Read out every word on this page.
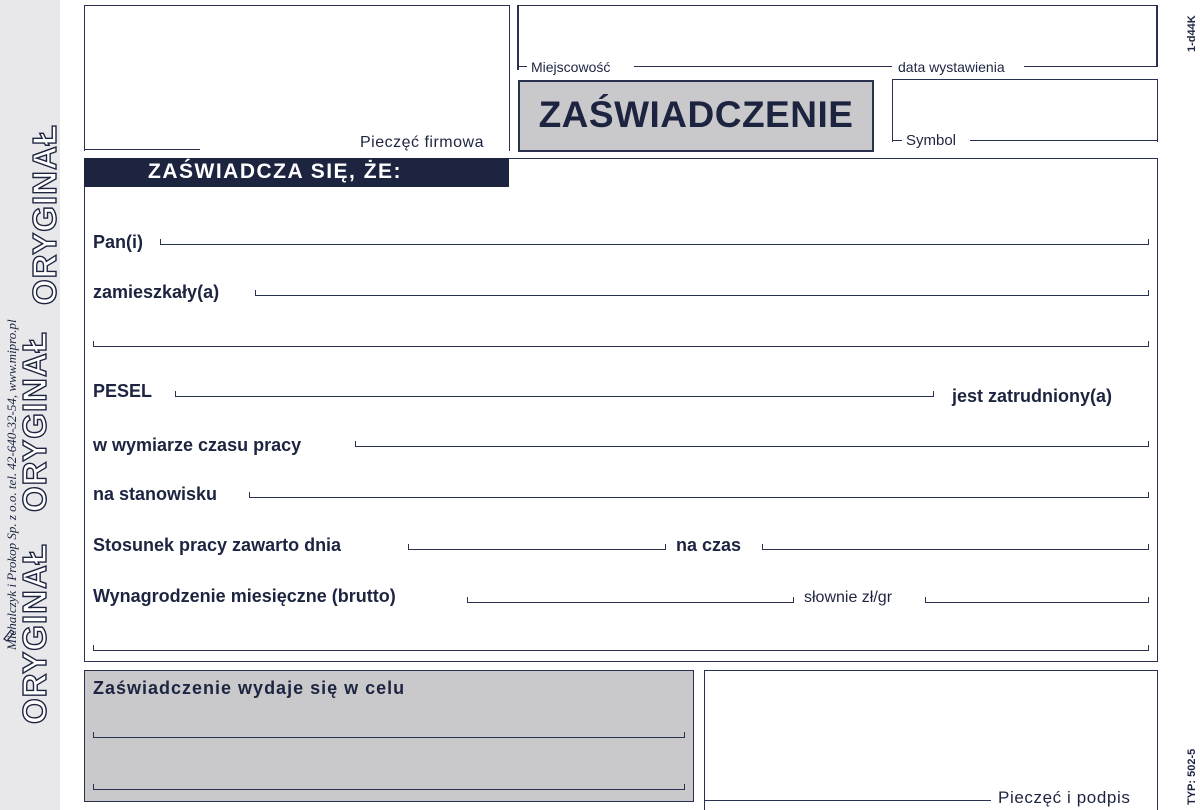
ORYGINAŁ
ORYGINAŁ
ORYGINAŁ
Michalczyk i Prokop Sp. z o.o. tel. 42-640-32-54, www.mipro.pl
1-d44K
TYP: 502-5
Pieczęć firmowa
Miejscowość	data wystawienia
ZAŚWIADCZENIE
Symbol
ZAŚWIADCZA SIĘ, ŻE:
Pan(i)
zamieszkały(a)
PESEL	jest zatrudniony(a)
w wymiarze czasu pracy
na stanowisku
Stosunek pracy zawarto dnia	na czas
Wynagrodzenie miesięczne (brutto)	słownie zł/gr
Zaświadczenie wydaje się w celu
Pieczęć i podpis
